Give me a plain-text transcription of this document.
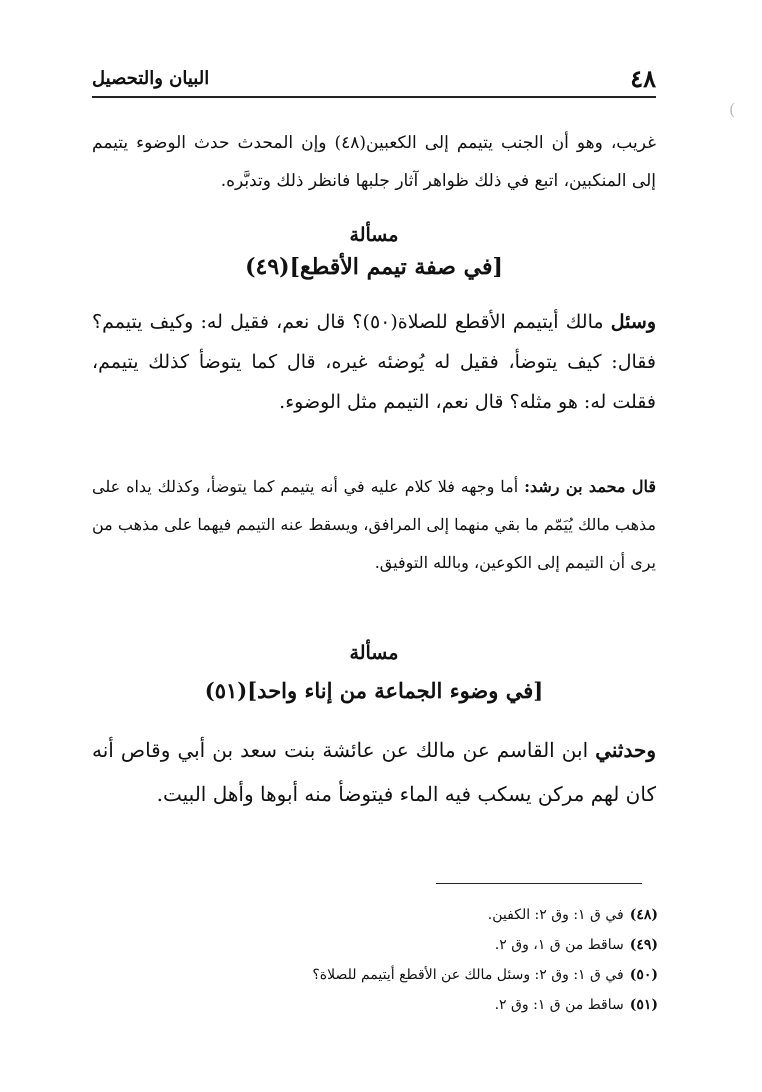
٤٨
البيان والتحصيل
)

غريب، وهو أن الجنب يتيمم إلى الكعبين(٤٨) وإن المحدث حدث الوضوء يتيمم إلى المنكبين، اتبع في ذلك ظواهر آثار جلبها فانظر ذلك وتدبَّره.

مسألة

[في صفة تيمم الأقطع](٤٩)

وسئل مالك أيتيمم الأقطع للصلاة(٥٠)؟ قال نعم، فقيل له: وكيف يتيمم؟ فقال: كيف يتوضأ، فقيل له يُوضئه غيره، قال كما يتوضأ كذلك يتيمم، فقلت له: هو مثله؟ قال نعم، التيمم مثل الوضوء.

قال محمد بن رشد: أما وجهه فلا كلام عليه في أنه يتيمم كما يتوضأ، وكذلك يداه على مذهب مالك يُيَمّم ما بقي منهما إلى المرافق، ويسقط عنه التيمم فيهما على مذهب من يرى أن التيمم إلى الكوعين، وبالله التوفيق.

مسألة

[في وضوء الجماعة من إناء واحد](٥١)

وحدثني ابن القاسم عن مالك عن عائشة بنت سعد بن أبي وقاص أنه كان لهم مركن يسكب فيه الماء فيتوضأ منه أبوها وأهل البيت.

(٤٨)في ق ١: وق ٢: الكفين.
(٤٩)ساقط من ق ١، وق ٢.
(٥٠)في ق ١: وق ٢: وسئل مالك عن الأقطع أيتيمم للصلاة؟
(٥١)ساقط من ق ١: وق ٢.
